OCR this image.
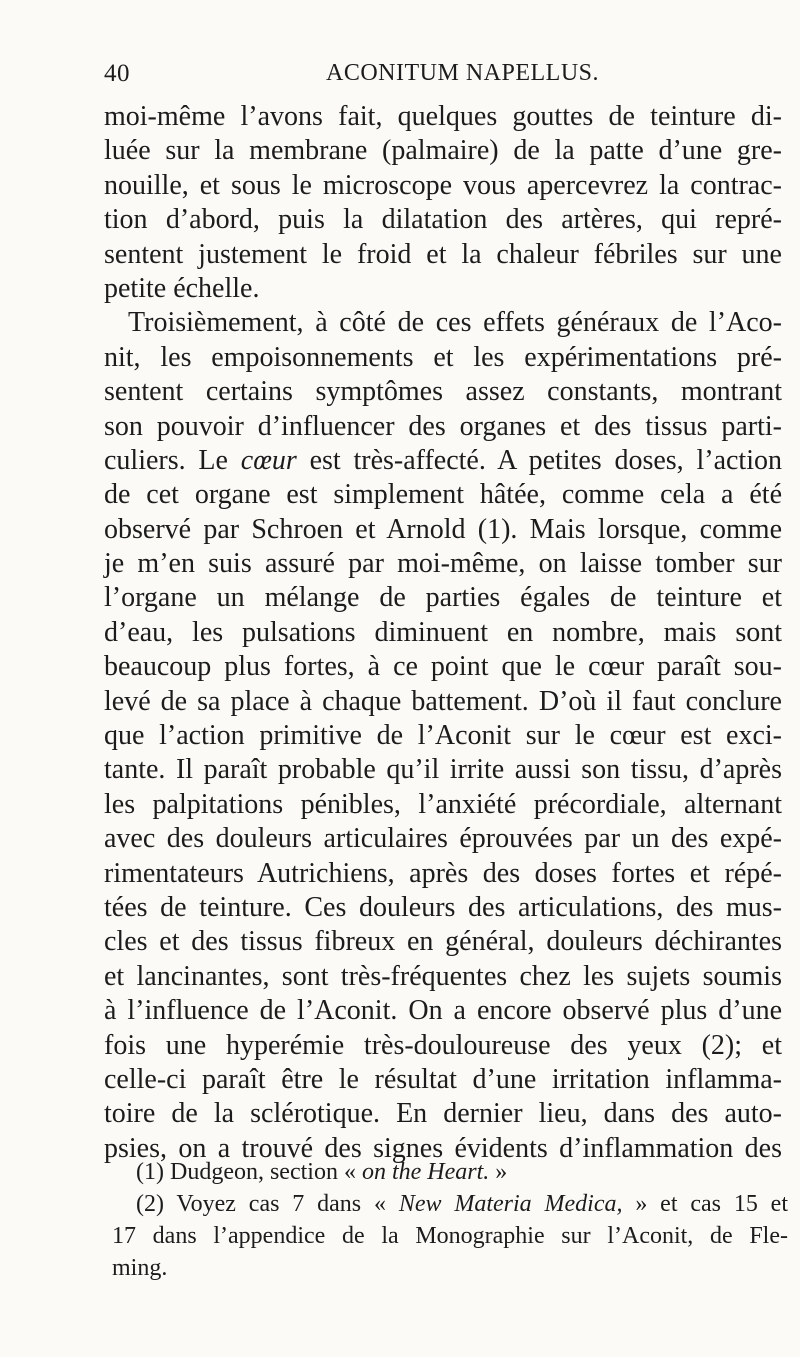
40	ACONITUM NAPELLUS.
moi-même l’avons fait, quelques gouttes de teinture di-
luée sur la membrane (palmaire) de la patte d’une gre-
nouille, et sous le microscope vous apercevrez la contrac-
tion d’abord, puis la dilatation des artères, qui repré-
sentent justement le froid et la chaleur fébriles sur une
petite échelle.
Troisièmement, à côté de ces effets généraux de l’Aco-
nit, les empoisonnements et les expérimentations pré-
sentent certains symptômes assez constants, montrant
son pouvoir d’influencer des organes et des tissus parti-
culiers. Le cœur est très-affecté. A petites doses, l’action
de cet organe est simplement hâtée, comme cela a été
observé par Schroen et Arnold (1). Mais lorsque, comme
je m’en suis assuré par moi-même, on laisse tomber sur
l’organe un mélange de parties égales de teinture et
d’eau, les pulsations diminuent en nombre, mais sont
beaucoup plus fortes, à ce point que le cœur paraît sou-
levé de sa place à chaque battement. D’où il faut conclure
que l’action primitive de l’Aconit sur le cœur est exci-
tante. Il paraît probable qu’il irrite aussi son tissu, d’après
les palpitations pénibles, l’anxiété précordiale, alternant
avec des douleurs articulaires éprouvées par un des expé-
rimentateurs Autrichiens, après des doses fortes et répé-
tées de teinture. Ces douleurs des articulations, des mus-
cles et des tissus fibreux en général, douleurs déchirantes
et lancinantes, sont très-fréquentes chez les sujets soumis
à l’influence de l’Aconit. On a encore observé plus d’une
fois une hyperémie très-douloureuse des yeux (2); et
celle-ci paraît être le résultat d’une irritation inflamma-
toire de la sclérotique. En dernier lieu, dans des auto-
psies, on a trouvé des signes évidents d’inflammation des
(1) Dudgeon, section « on the Heart. »
(2) Voyez cas 7 dans « New Materia Medica, » et cas 15 et
17 dans l’appendice de la Monographie sur l’Aconit, de Fle-
ming.
